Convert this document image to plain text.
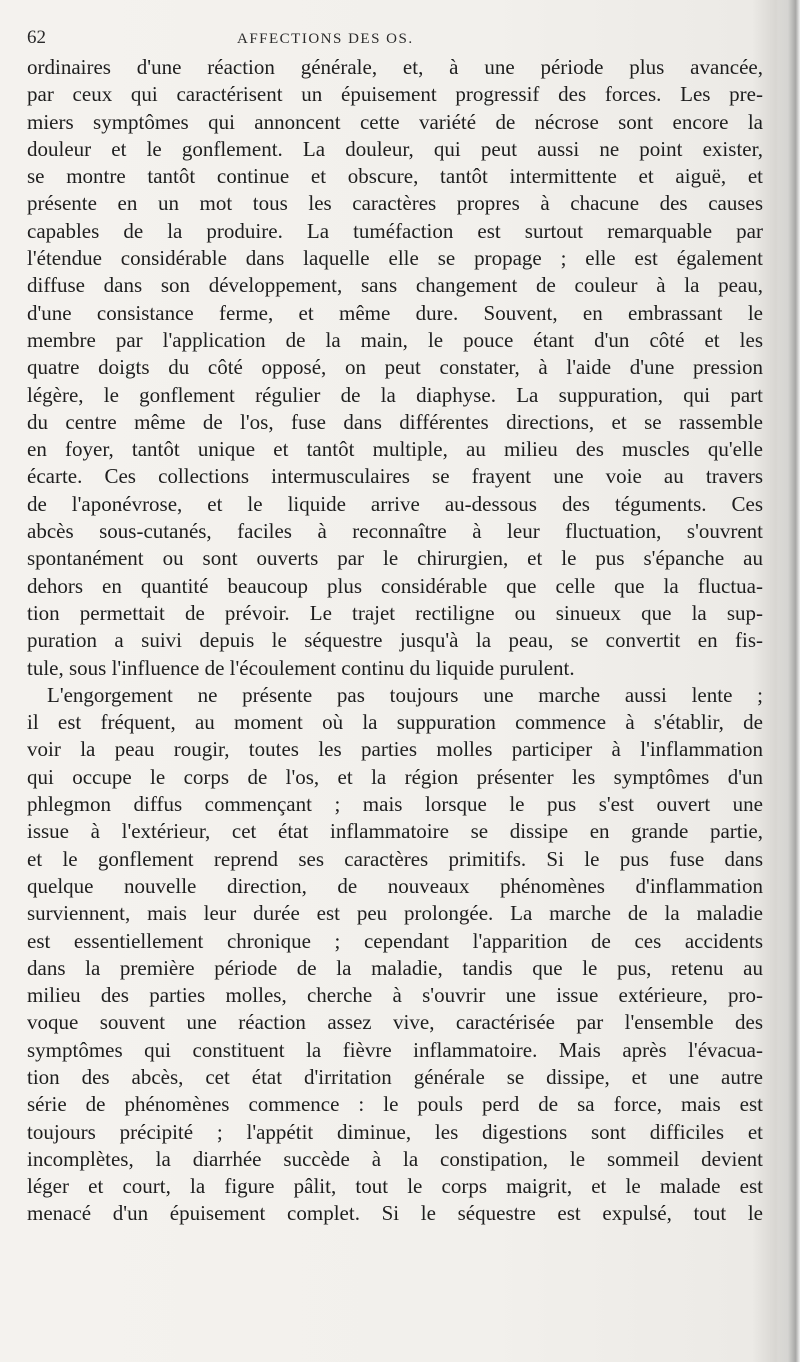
62	AFFECTIONS DES OS.
ordinaires d'une réaction générale, et, à une période plus avancée,
par ceux qui caractérisent un épuisement progressif des forces. Les pre-
miers symptômes qui annoncent cette variété de nécrose sont encore la
douleur et le gonflement. La douleur, qui peut aussi ne point exister,
se montre tantôt continue et obscure, tantôt intermittente et aiguë, et
présente en un mot tous les caractères propres à chacune des causes
capables de la produire. La tuméfaction est surtout remarquable par
l'étendue considérable dans laquelle elle se propage ; elle est également
diffuse dans son développement, sans changement de couleur à la peau,
d'une consistance ferme, et même dure. Souvent, en embrassant le
membre par l'application de la main, le pouce étant d'un côté et les
quatre doigts du côté opposé, on peut constater, à l'aide d'une pression
légère, le gonflement régulier de la diaphyse. La suppuration, qui part
du centre même de l'os, fuse dans différentes directions, et se rassemble
en foyer, tantôt unique et tantôt multiple, au milieu des muscles qu'elle
écarte. Ces collections intermusculaires se frayent une voie au travers
de l'aponévrose, et le liquide arrive au-dessous des téguments. Ces
abcès sous-cutanés, faciles à reconnaître à leur fluctuation, s'ouvrent
spontanément ou sont ouverts par le chirurgien, et le pus s'épanche au
dehors en quantité beaucoup plus considérable que celle que la fluctua-
tion permettait de prévoir. Le trajet rectiligne ou sinueux que la sup-
puration a suivi depuis le séquestre jusqu'à la peau, se convertit en fis-
tule, sous l'influence de l'écoulement continu du liquide purulent.
L'engorgement ne présente pas toujours une marche aussi lente ;
il est fréquent, au moment où la suppuration commence à s'établir, de
voir la peau rougir, toutes les parties molles participer à l'inflammation
qui occupe le corps de l'os, et la région présenter les symptômes d'un
phlegmon diffus commençant ; mais lorsque le pus s'est ouvert une
issue à l'extérieur, cet état inflammatoire se dissipe en grande partie,
et le gonflement reprend ses caractères primitifs. Si le pus fuse dans
quelque nouvelle direction, de nouveaux phénomènes d'inflammation
surviennent, mais leur durée est peu prolongée. La marche de la maladie
est essentiellement chronique ; cependant l'apparition de ces accidents
dans la première période de la maladie, tandis que le pus, retenu au
milieu des parties molles, cherche à s'ouvrir une issue extérieure, pro-
voque souvent une réaction assez vive, caractérisée par l'ensemble des
symptômes qui constituent la fièvre inflammatoire. Mais après l'évacua-
tion des abcès, cet état d'irritation générale se dissipe, et une autre
série de phénomènes commence : le pouls perd de sa force, mais est
toujours précipité ; l'appétit diminue, les digestions sont difficiles et
incomplètes, la diarrhée succède à la constipation, le sommeil devient
léger et court, la figure pâlit, tout le corps maigrit, et le malade est
menacé d'un épuisement complet. Si le séquestre est expulsé, tout le
